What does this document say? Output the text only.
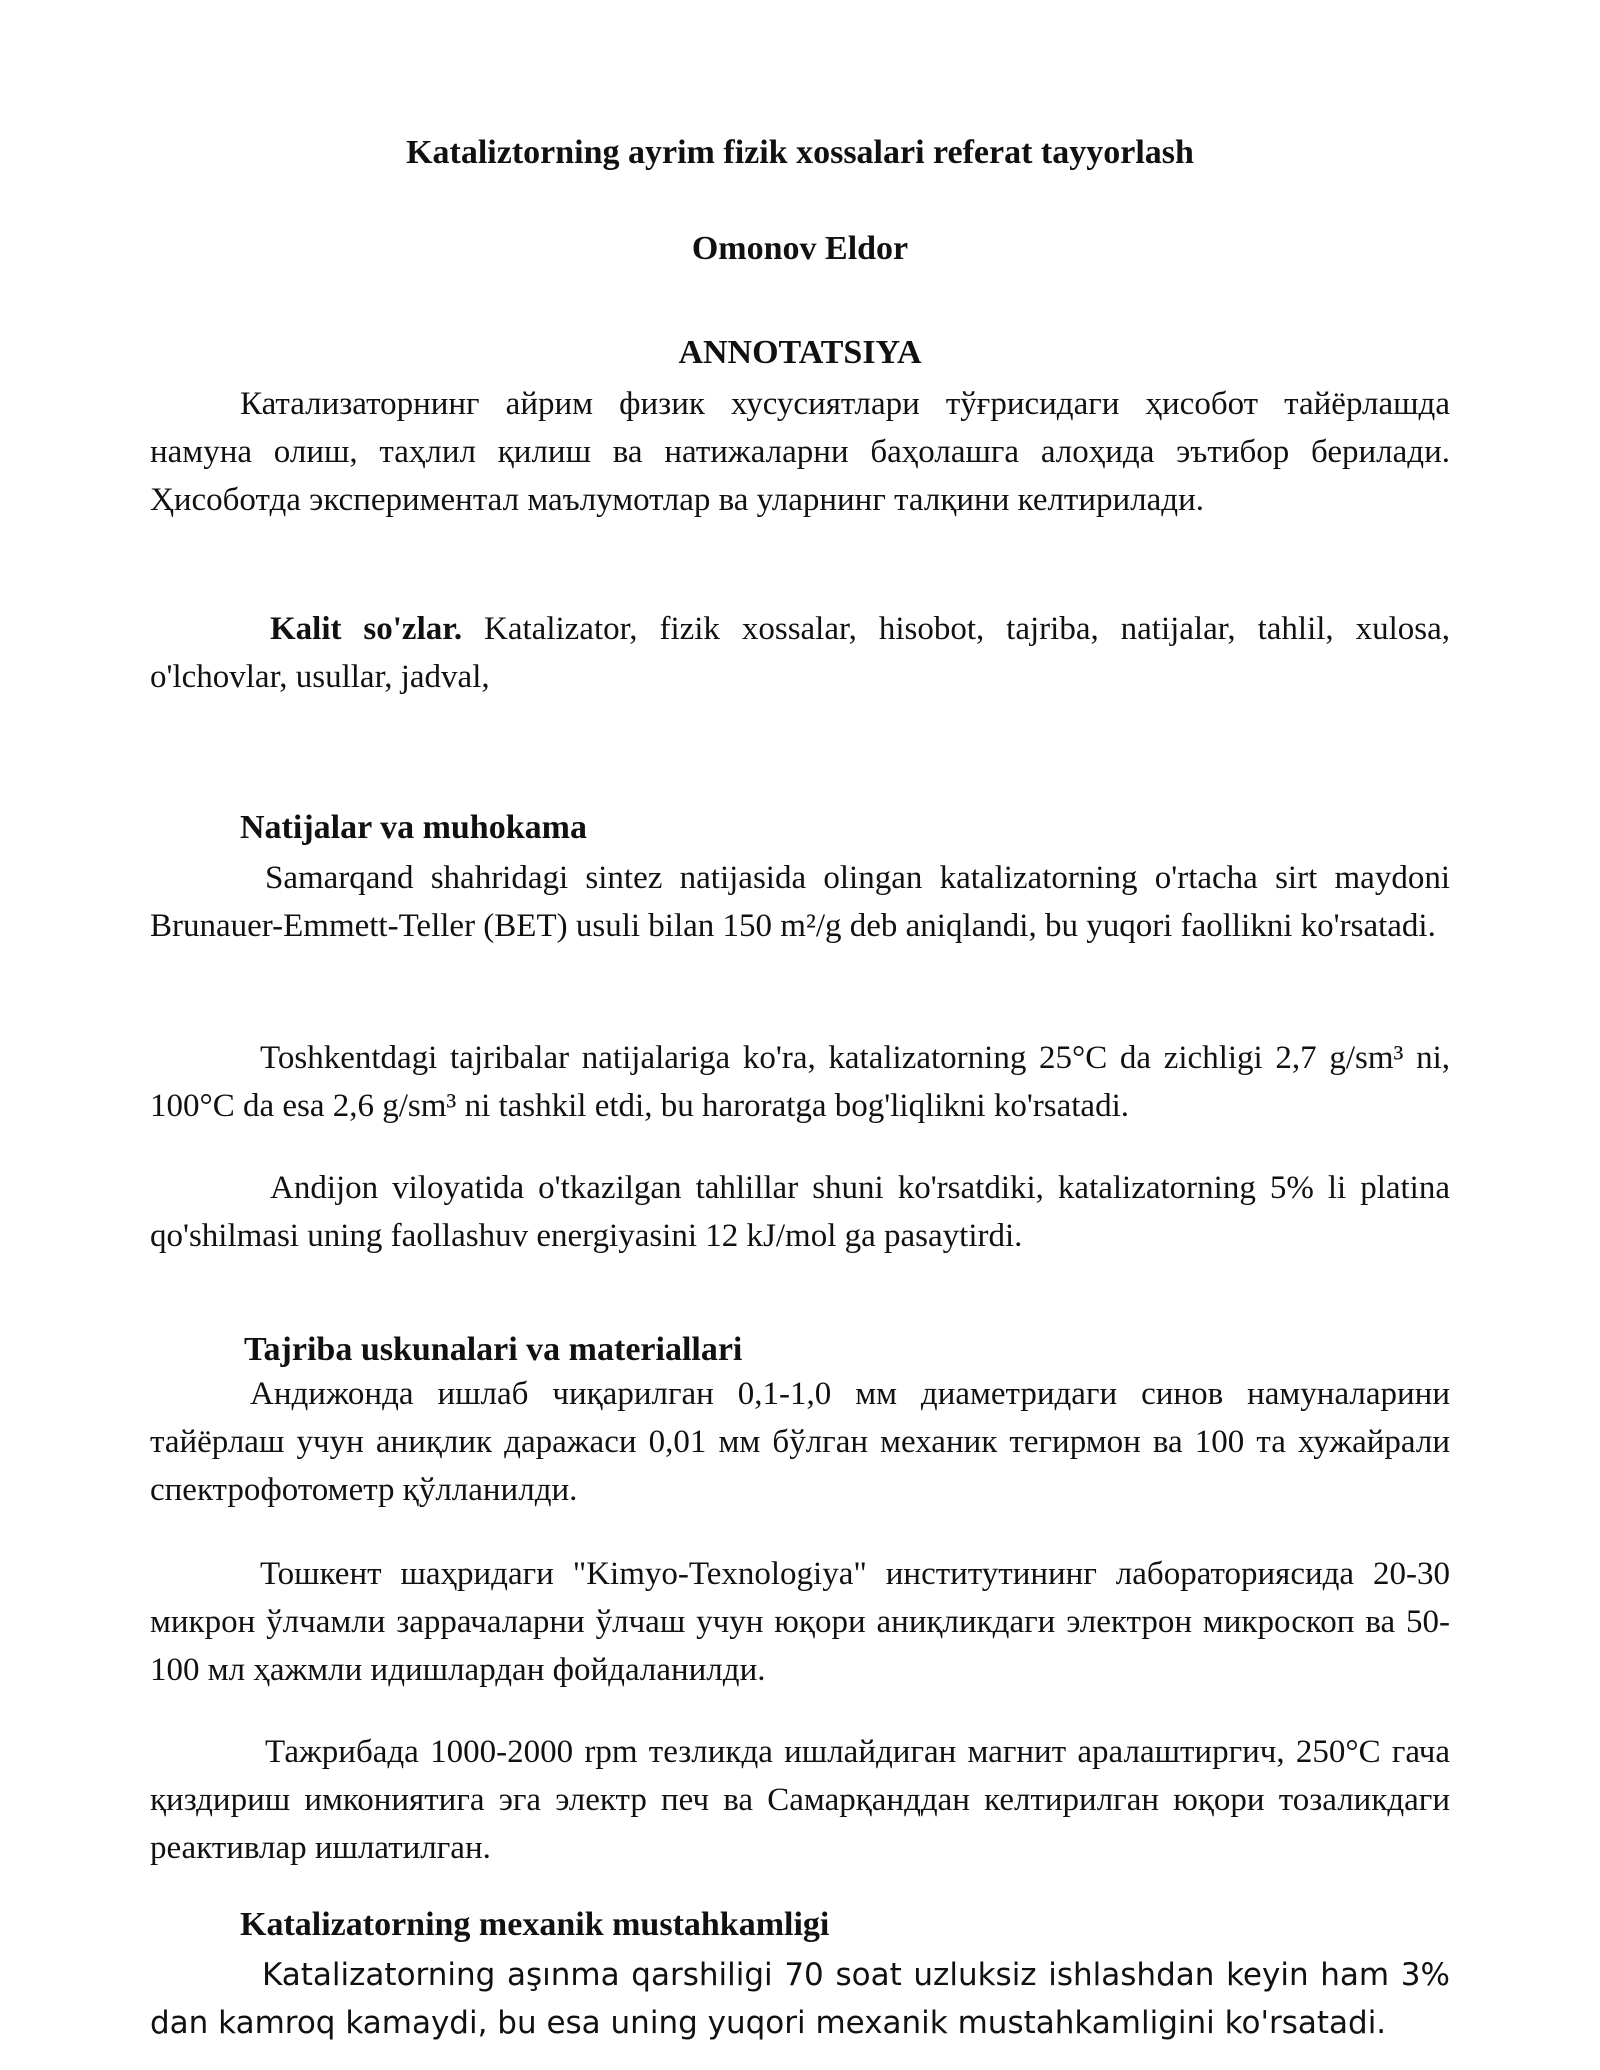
Kataliztorning ayrim fizik xossalari referat tayyorlash
Omonov Eldor
ANNOTATSIYA

Катализаторнинг айрим физик хусусиятлари тўғрисидаги ҳисобот тайёрлашда намуна олиш, таҳлил қилиш ва натижаларни баҳолашга алоҳида эътибор берилади. Ҳисоботда экспериментал маълумотлар ва уларнинг талқини келтирилади.

Kalit so'zlar. Katalizator, fizik xossalar, hisobot, tajriba, natijalar, tahlil, xulosa, o'lchovlar, usullar, jadval,

Natijalar va muhokama

Samarqand shahridagi sintez natijasida olingan katalizatorning o'rtacha sirt maydoni Brunauer-Emmett-Teller (BET) usuli bilan 150 m²/g deb aniqlandi, bu yuqori faollikni ko'rsatadi.

Toshkentdagi tajribalar natijalariga ko'ra, katalizatorning 25°C da zichligi 2,7 g/sm³ ni, 100°C da esa 2,6 g/sm³ ni tashkil etdi, bu haroratga bog'liqlikni ko'rsatadi.

Andijon viloyatida o'tkazilgan tahlillar shuni ko'rsatdiki, katalizatorning 5% li platina qo'shilmasi uning faollashuv energiyasini 12 kJ/mol ga pasaytirdi.

Tajriba uskunalari va materiallari

Андижонда ишлаб чиқарилган 0,1-1,0 мм диаметридаги синов намуналарини тайёрлаш учун аниқлик даражаси 0,01 мм бўлган механик тегирмон ва 100 та хужайрали спектрофотометр қўлланилди.

Тошкент шаҳридаги "Kimyo-Texnologiya" институтининг лабораториясида 20-30 микрон ўлчамли заррачаларни ўлчаш учун юқори аниқликдаги электрон микроскоп ва 50-100 мл ҳажмли идишлардан фойдаланилди.

Тажрибада 1000-2000 rpm тезликда ишлайдиган магнит аралаштиргич, 250°С гача қиздириш имкониятига эга электр печ ва Самарқанддан келтирилган юқори тозаликдаги реактивлар ишлатилган.

Katalizatorning mexanik mustahkamligi

Katalizatorning aşınma qarshiligi 70 soat uzluksiz ishlashdan keyin ham 3% dan kamroq kamaydi, bu esa uning yuqori mexanik mustahkamligini ko'rsatadi.
